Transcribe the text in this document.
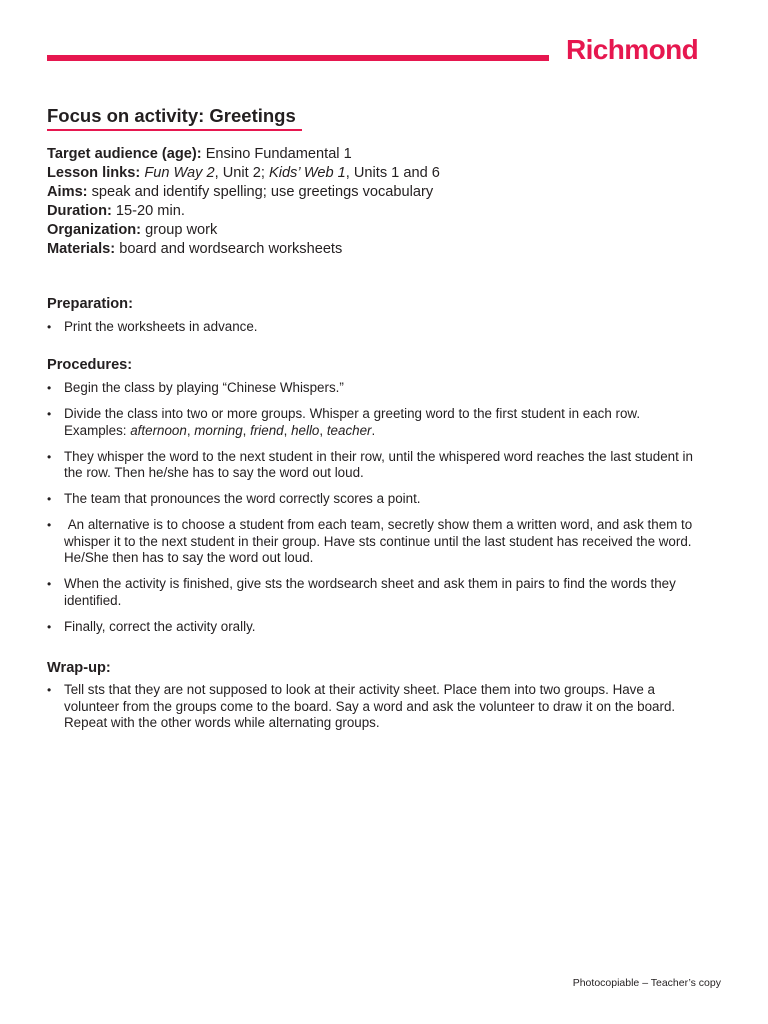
Richmond
Focus on activity: Greetings
Target audience (age): Ensino Fundamental 1
Lesson links: Fun Way 2, Unit 2; Kids’ Web 1, Units 1 and 6
Aims: speak and identify spelling; use greetings vocabulary
Duration: 15-20 min.
Organization: group work
Materials: board and wordsearch worksheets
Preparation:
• Print the worksheets in advance.
Procedures:
• Begin the class by playing “Chinese Whispers.”
• Divide the class into two or more groups. Whisper a greeting word to the first student in each row.
Examples: afternoon, morning, friend, hello, teacher.
• They whisper the word to the next student in their row, until the whispered word reaches the last student in the row. Then he/she has to say the word out loud.
• The team that pronounces the word correctly scores a point.
• An alternative is to choose a student from each team, secretly show them a written word, and ask them to whisper it to the next student in their group. Have sts continue until the last student has received the word. He/She then has to say the word out loud.
• When the activity is finished, give sts the wordsearch sheet and ask them in pairs to find the words they identified.
• Finally, correct the activity orally.
Wrap-up:
• Tell sts that they are not supposed to look at their activity sheet. Place them into two groups. Have a volunteer from the groups come to the board. Say a word and ask the volunteer to draw it on the board. Repeat with the other words while alternating groups.
Photocopiable – Teacher’s copy
